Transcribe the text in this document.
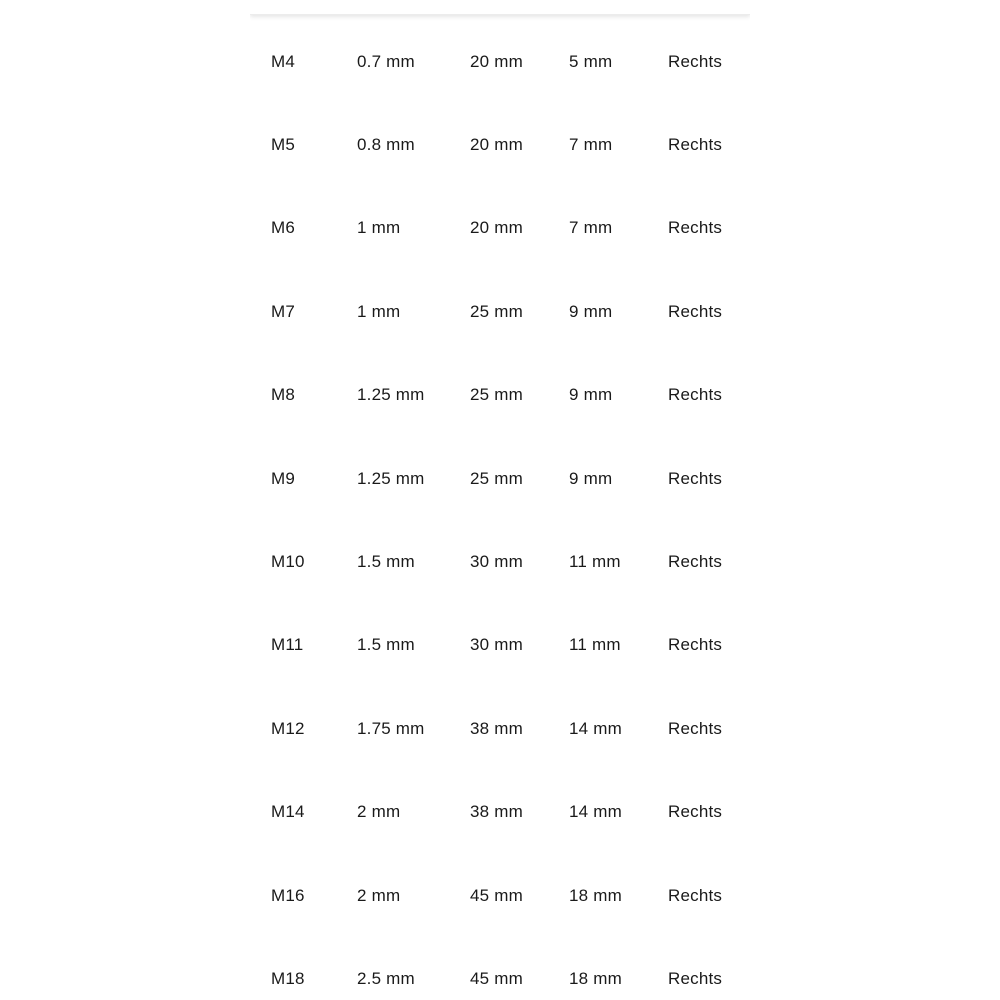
M4	0.7 mm	20 mm	5 mm	Rechts
M5	0.8 mm	20 mm	7 mm	Rechts
M6	1 mm	20 mm	7 mm	Rechts
M7	1 mm	25 mm	9 mm	Rechts
M8	1.25 mm	25 mm	9 mm	Rechts
M9	1.25 mm	25 mm	9 mm	Rechts
M10	1.5 mm	30 mm	11 mm	Rechts
M11	1.5 mm	30 mm	11 mm	Rechts
M12	1.75 mm	38 mm	14 mm	Rechts
M14	2 mm	38 mm	14 mm	Rechts
M16	2 mm	45 mm	18 mm	Rechts
M18	2.5 mm	45 mm	18 mm	Rechts
